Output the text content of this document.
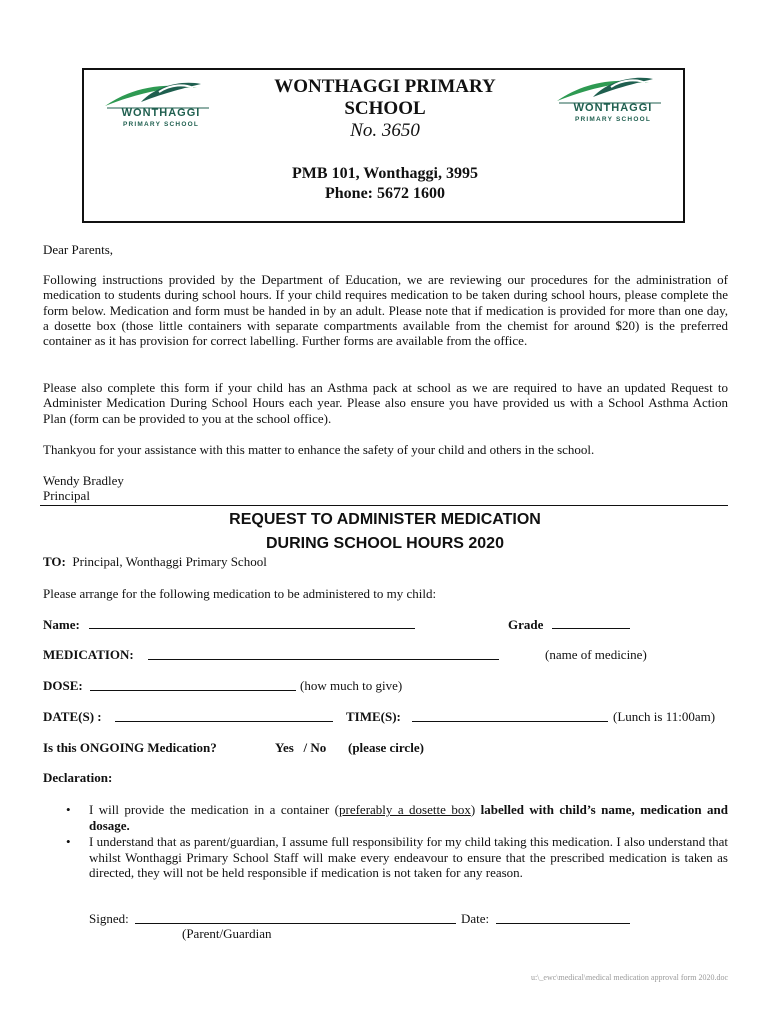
WONTHAGGI
PRIMARY SCHOOL
WONTHAGGI
PRIMARY SCHOOL
WONTHAGGI PRIMARY
SCHOOL
No. 3650
PMB 101, Wonthaggi, 3995
Phone: 5672 1600
Dear Parents,
Following instructions provided by the Department of Education, we are reviewing our procedures for the administration of medication to students during school hours. If your child requires medication to be taken during school hours, please complete the form below. Medication and form must be handed in by an adult. Please note that if medication is provided for more than one day, a dosette box (those little containers with separate compartments available from the chemist for around $20) is the preferred container as it has provision for correct labelling. Further forms are available from the office.
Please also complete this form if your child has an Asthma pack at school as we are required to have an updated Request to Administer Medication During School Hours each year. Please also ensure you have provided us with a School Asthma Action Plan (form can be provided to you at the school office).
Thankyou for your assistance with this matter to enhance the safety of your child and others in the school.
Wendy Bradley
Principal
REQUEST TO ADMINISTER MEDICATION
DURING SCHOOL HOURS 2020
TO: Principal, Wonthaggi Primary School
Please arrange for the following medication to be administered to my child:
Name:	Grade
MEDICATION:	(name of medicine)
DOSE:	(how much to give)
DATE(S) :	TIME(S):	(Lunch is 11:00am)
Is this ONGOING Medication?	Yes   / No (please circle)
Declaration:
• I will provide the medication in a container (preferably a dosette box) labelled with child’s name, medication and dosage.
• I understand that as parent/guardian, I assume full responsibility for my child taking this medication. I also understand that whilst Wonthaggi Primary School Staff will make every endeavour to ensure that the prescribed medication is taken as directed, they will not be held responsible if medication is not taken for any reason.
Signed:	Date:
(Parent/Guardian
u:\_ewc\medical\medical medication approval form 2020.doc
